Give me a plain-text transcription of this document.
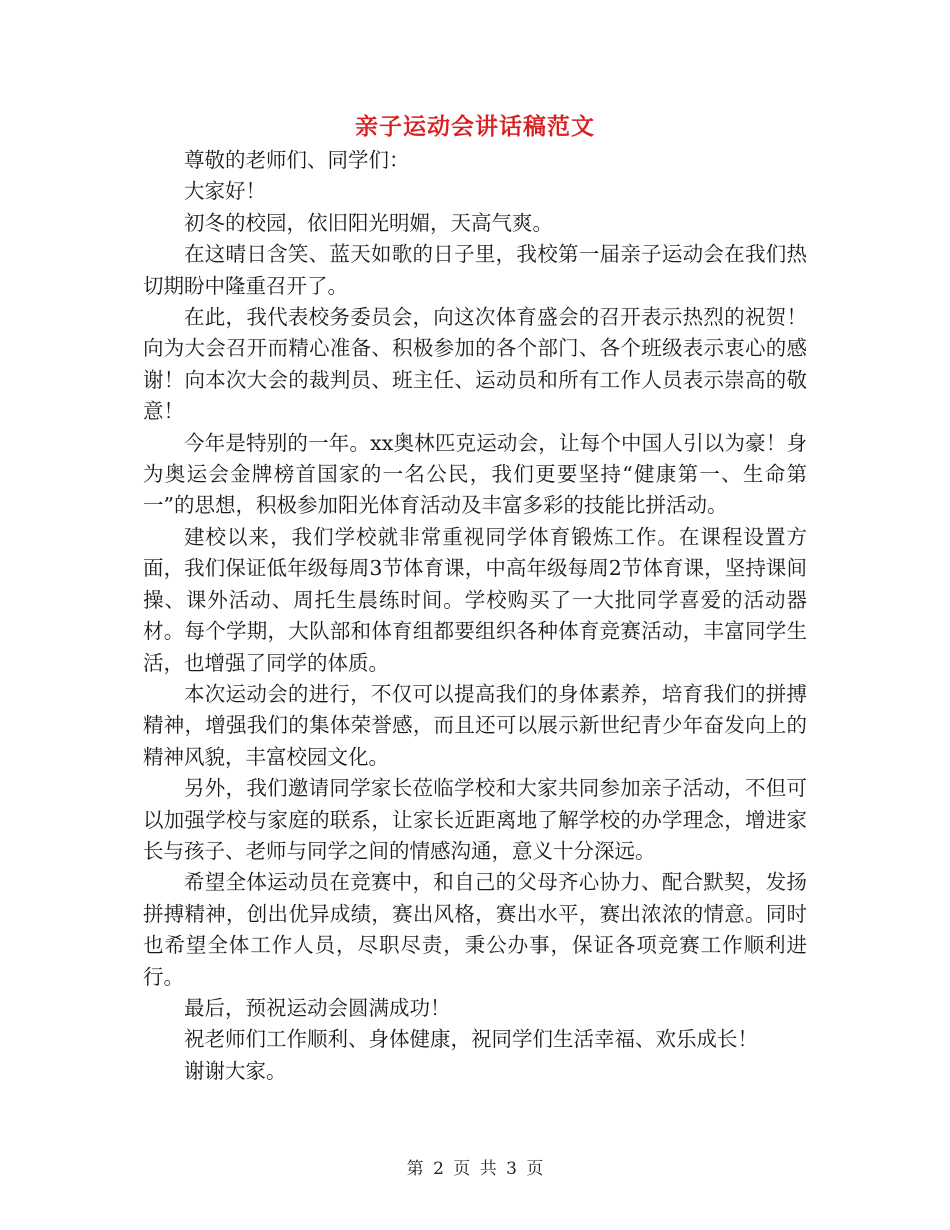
亲子运动会讲话稿范文

尊敬的老师们、同学们：

大家好！

初冬的校园，依旧阳光明媚，天高气爽。

在这晴日含笑、蓝天如歌的日子里，我校第一届亲子运动会在我们热切期盼中隆重召开了。

在此，我代表校务委员会，向这次体育盛会的召开表示热烈的祝贺！向为大会召开而精心准备、积极参加的各个部门、各个班级表示衷心的感谢！向本次大会的裁判员、班主任、运动员和所有工作人员表示崇高的敬意！

今年是特别的一年。xx奥林匹克运动会，让每个中国人引以为豪！身为奥运会金牌榜首国家的一名公民，我们更要坚持“健康第一、生命第一”的思想，积极参加阳光体育活动及丰富多彩的技能比拼活动。

建校以来，我们学校就非常重视同学体育锻炼工作。在课程设置方面，我们保证低年级每周3节体育课，中高年级每周2节体育课，坚持课间操、课外活动、周托生晨练时间。学校购买了一大批同学喜爱的活动器材。每个学期，大队部和体育组都要组织各种体育竞赛活动，丰富同学生活，也增强了同学的体质。

本次运动会的进行，不仅可以提高我们的身体素养，培育我们的拼搏精神，增强我们的集体荣誉感，而且还可以展示新世纪青少年奋发向上的精神风貌，丰富校园文化。

另外，我们邀请同学家长莅临学校和大家共同参加亲子活动，不但可以加强学校与家庭的联系，让家长近距离地了解学校的办学理念，增进家长与孩子、老师与同学之间的情感沟通，意义十分深远。

希望全体运动员在竞赛中，和自己的父母齐心协力、配合默契，发扬拼搏精神，创出优异成绩，赛出风格，赛出水平，赛出浓浓的情意。同时也希望全体工作人员，尽职尽责，秉公办事，保证各项竞赛工作顺利进行。

最后，预祝运动会圆满成功！

祝老师们工作顺利、身体健康，祝同学们生活幸福、欢乐成长！

谢谢大家。

第 2 页 共 3 页
